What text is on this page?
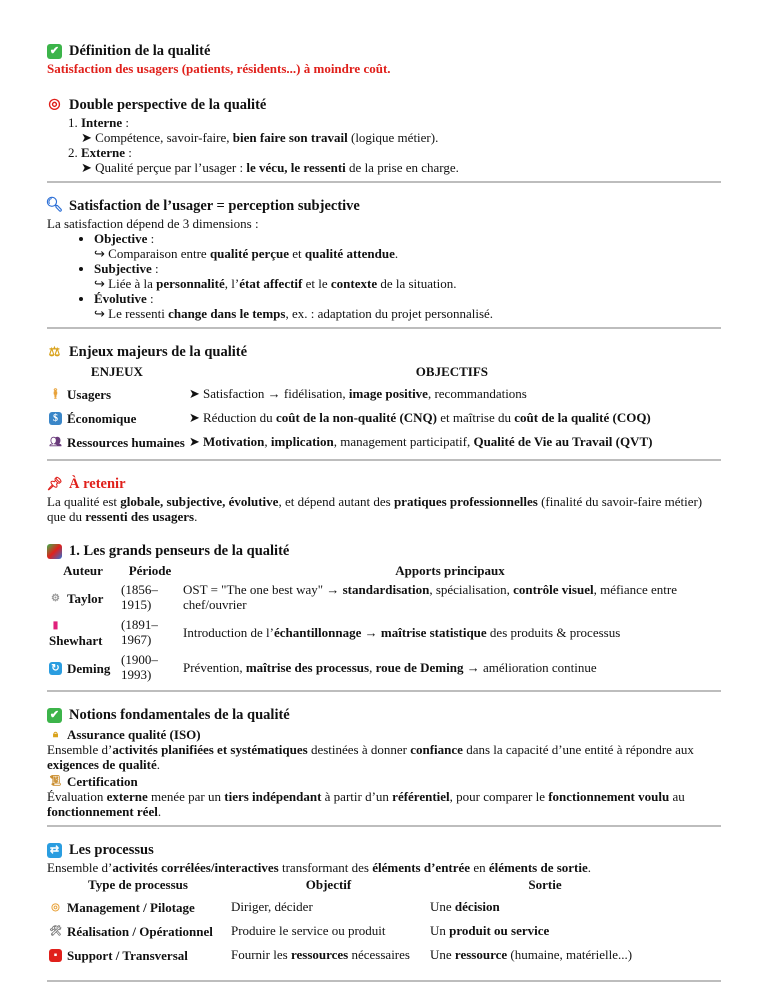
✔ Définition de la qualité
Satisfaction des usagers (patients, résidents...) à moindre coût.
◎ Double perspective de la qualité
1. Interne :
➤ Compétence, savoir-faire, bien faire son travail (logique métier).
2. Externe :
➤ Qualité perçue par l’usager : le vécu, le ressenti de la prise en charge.
🔍︎ Satisfaction de l’usager = perception subjective
La satisfaction dépend de 3 dimensions :
• Objective :
↪ Comparaison entre qualité perçue et qualité attendue.
• Subjective :
↪ Liée à la personnalité, l’état affectif et le contexte de la situation.
• Évolutive :
↪ Le ressenti change dans le temps, ex. : adaptation du projet personnalisé.
⚖ Enjeux majeurs de la qualité
ENJEUX	OBJECTIFS

🕴︎ Usagers	➤ Satisfaction → fidélisation, image positive, recommandations

$ Économique	➤ Réduction du coût de la non-qualité (CNQ) et maîtrise du coût de la qualité (COQ)

👥︎ Ressources humaines	➤ Motivation, implication, management participatif, Qualité de Vie au Travail (QVT)
📌︎ À retenir
La qualité est globale, subjective, évolutive, et dépend autant des pratiques professionnelles (finalité du savoir-faire métier) que du ressenti des usagers.
1. Les grands penseurs de la qualité
Auteur	Période	Apports principaux

⚙ Taylor	(1856–1915)	OST = "The one best way" → standardisation, spécialisation, contrôle visuel, méfiance entre chef/ouvrier

▮
Shewhart	(1891–1967)	Introduction de l’échantillonnage → maîtrise statistique des produits & processus

↻ Deming	(1900–1993)	Prévention, maîtrise des processus, roue de Deming → amélioration continue
✔ Notions fondamentales de la qualité
🔒︎ Assurance qualité (ISO)
Ensemble d’activités planifiées et systématiques destinées à donner confiance dans la capacité d’une entité à répondre aux exigences de qualité.
📜︎ Certification
Évaluation externe menée par un tiers indépendant à partir d’un référentiel, pour comparer le fonctionnement voulu au fonctionnement réel.
⇄ Les processus
Ensemble d’activités corrélées/interactives transformant des éléments d’entrée en éléments de sortie.
Type de processus	Objectif	Sortie

◎ Management / Pilotage	Diriger, décider	Une décision

🛠︎ Réalisation / Opérationnel	Produire le service ou produit	Un produit ou service

▪ Support / Transversal	Fournir les ressources nécessaires	Une ressource (humaine, matérielle...)
